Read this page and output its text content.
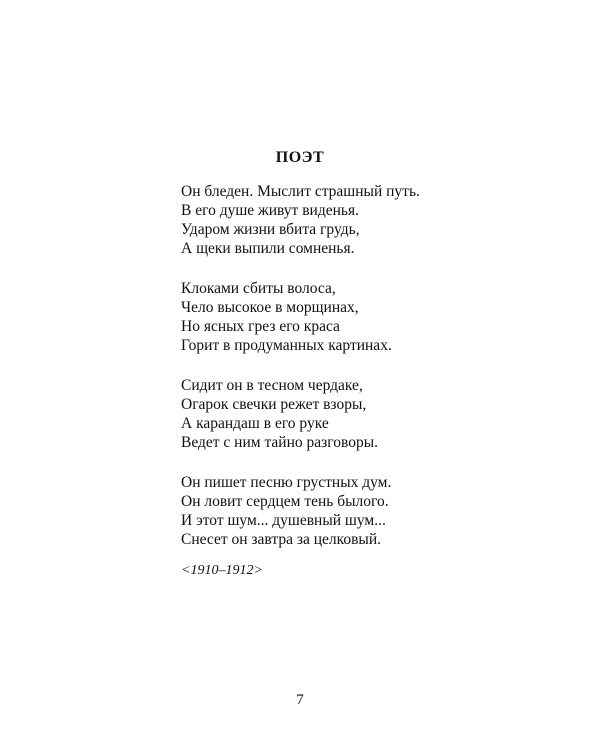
ПОЭТ
Он бледен. Мыслит страшный путь.
В его душе живут виденья.
Ударом жизни вбита грудь,
А щеки выпили сомненья.
Клоками сбиты волоса,
Чело высокое в морщинах,
Но ясных грез его краса
Горит в продуманных картинах.
Сидит он в тесном чердаке,
Огарок свечки режет взоры,
А карандаш в его руке
Ведет с ним тайно разговоры.
Он пишет песню грустных дум.
Он ловит сердцем тень былого.
И этот шум... душевный шум...
Снесет он завтра за целковый.
<1910–1912>
7
